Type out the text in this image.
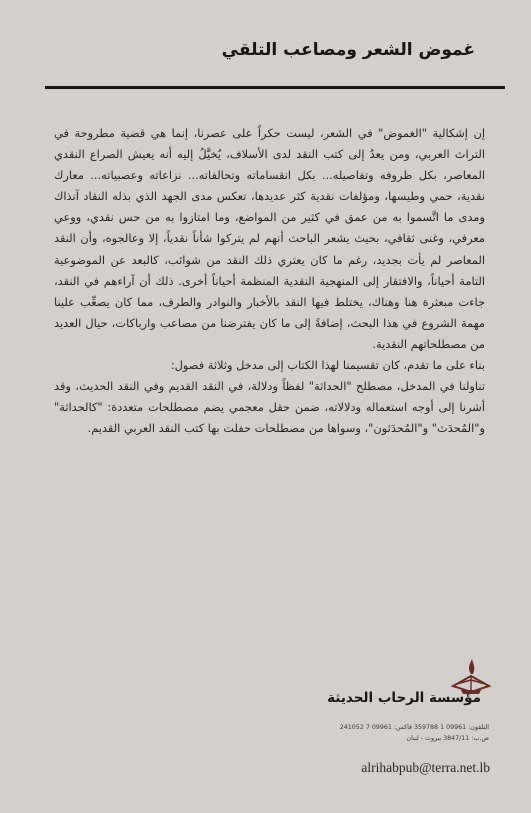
غموض الشعر ومصاعب التلقي

إن إشكالية "الغموض" في الشعر، ليست حكراً على عصرنا، إنما هي قضية مطروحة في التراث العربي، ومن يعدُ إلى كتب النقد لدى الأسلاف، يُخيَّلُ إليه أنه يعيش الصراع النقدي المعاصر، بكل ظروفه وتفاصيله... بكل انقساماته وتحالفاته... نزاعاته وعصبياته... معارك نقدية، حمي وطيسها، ومؤلفات نقدية كثر عديدها، تعكس مدى الجهد الذي بذله النقاد آنذاك ومدى ما اتَّسموا به من عمق في كثير من المواضع، وما امتازوا به من حس نقدي، ووعي معرفي، وغنى ثقافي، بحيث يشعر الباحث أنهم لم يتركوا شأناً نقدياً، إلا وعالجوه، وأن النقد المعاصر لم يأت بجديد، رغم ما كان يعتري ذلك النقد من شوائب، كالبعد عن الموضوعية التامة أحياناً، والافتقار إلى المنهجية النقدية المنظمة أحياناً أخرى. ذلك أن آراءهم في النقد، جاءت مبعثرة هنا وهناك، يختلط فيها النقد بالأخبار والنوادر والطرف، مما كان يصعِّب علينا مهمة الشروع في هذا البحث، إضافةً إلى ما كان يفترضنا من مصاعب وارباكات، حيال العديد من مصطلحاتهم النقدية.

بناء على ما تقدم، كان تقسيمنا لهذا الكتاب إلى مدخل وثلاثة فصول:

تناولنا في المدخل، مصطلح "الحداثة" لفظاً ودلالة، في النقد القديم وفي النقد الحديث، وقد أشرنا إلى أوجه استعماله ودلالاته، ضمن حقل معجمي يضم مصطلحات متعددة: "كالحداثة" و"المُحدَث" و"المُحدَثون"، وسواها من مصطلحات حفلت بها كتب النقد العربي القديم.

مؤسسة الرحاب الحديثة
التلفون: 09961 1 359788 فاكس: 09961 7 241052
ص.ب: 3847/11 بيروت - لبنان
alrihabpub@terra.net.lb
